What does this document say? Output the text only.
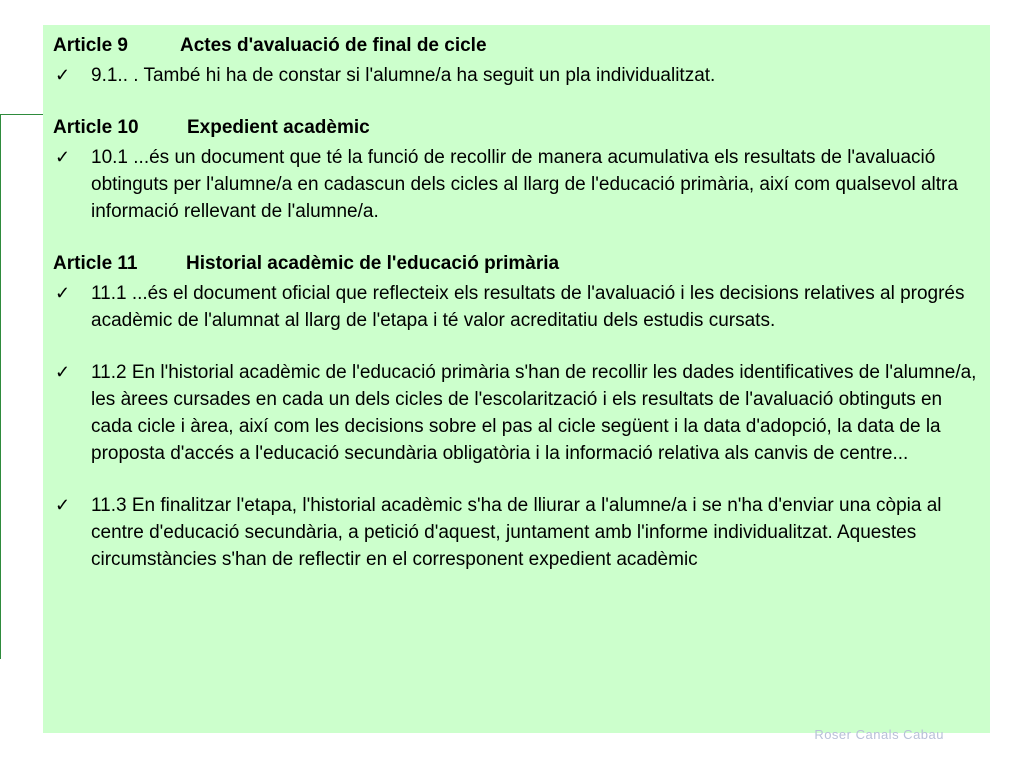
Article 9	Actes d'avaluació de final de cicle
✓	9.1.. . També hi ha de constar si l'alumne/a ha seguit un pla individualitzat.
Article 10	Expedient acadèmic
✓	10.1 ...és un document que té la funció de recollir de manera acumulativa els resultats de l'avaluació obtinguts per l'alumne/a en cadascun dels cicles al llarg de l'educació primària, així com qualsevol altra informació rellevant de l'alumne/a.
Article 11	Historial acadèmic de l'educació primària
✓	11.1 ...és el document oficial que reflecteix els resultats de l'avaluació i les decisions relatives al progrés acadèmic de l'alumnat al llarg de l'etapa i té valor acreditatiu dels estudis cursats.
✓	11.2 En l'historial acadèmic de l'educació primària s'han de recollir les dades identificatives de l'alumne/a, les àrees cursades en cada un dels cicles de l'escolarització i els resultats de l'avaluació obtinguts en cada cicle i àrea, així com les decisions sobre el pas al cicle següent i la data d'adopció, la data de la proposta d'accés a l'educació secundària obligatòria i la informació relativa als canvis de centre...
✓	11.3 En finalitzar l'etapa, l'historial acadèmic s'ha de lliurar a l'alumne/a i se n'ha d'enviar una còpia al centre d'educació secundària, a petició d'aquest, juntament amb l'informe individualitzat. Aquestes circumstàncies s'han de reflectir en el corresponent expedient acadèmic
Roser Canals Cabau
